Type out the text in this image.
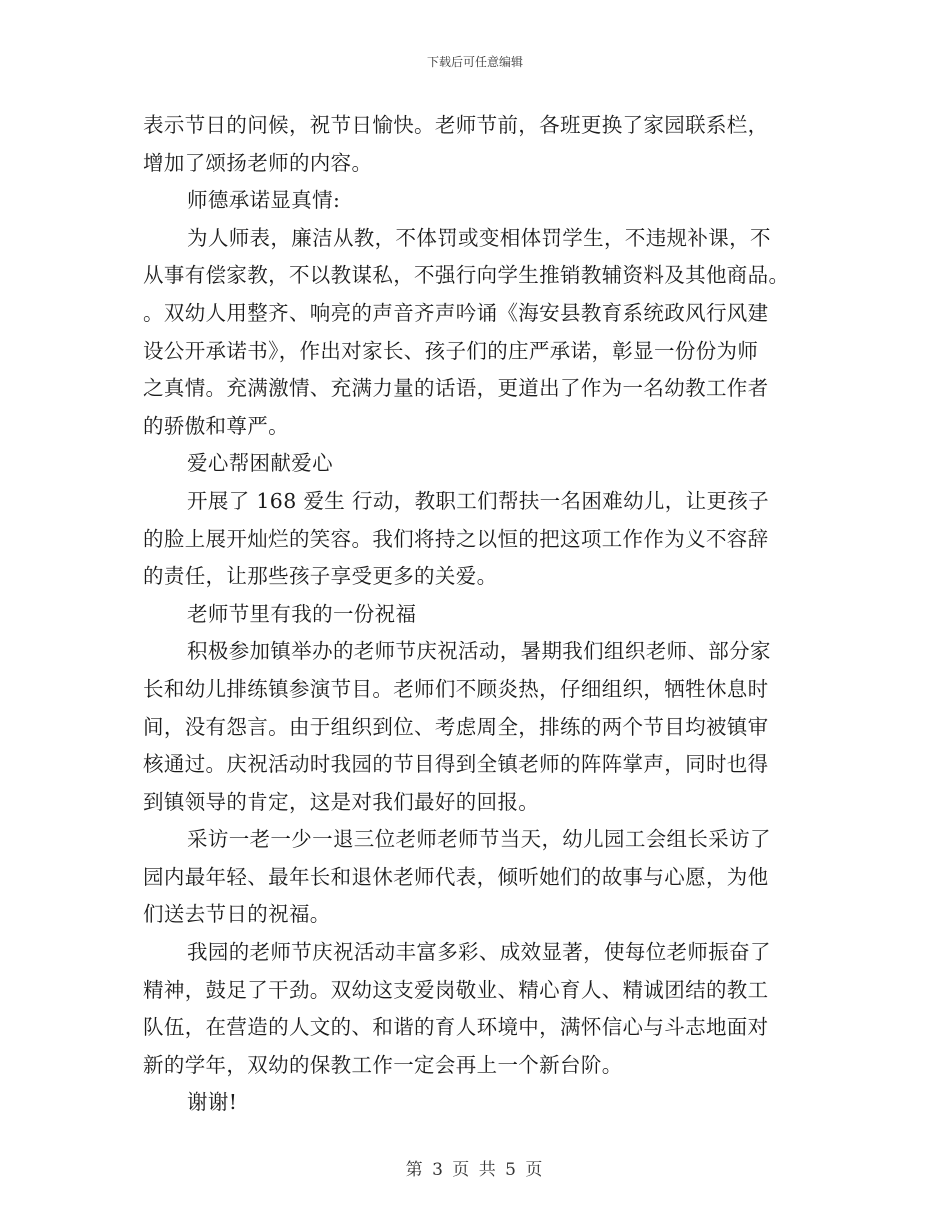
下载后可任意编辑
表示节日的问候，祝节日愉快。老师节前，各班更换了家园联系栏，
增加了颂扬老师的内容。
师德承诺显真情:
为人师表，廉洁从教，不体罚或变相体罚学生，不违规补课，不
从事有偿家教，不以教谋私，不强行向学生推销教辅资料及其他商品。
。双幼人用整齐、响亮的声音齐声吟诵《海安县教育系统政风行风建
设公开承诺书》，作出对家长、孩子们的庄严承诺，彰显一份份为师
之真情。充满激情、充满力量的话语，更道出了作为一名幼教工作者
的骄傲和尊严。
爱心帮困献爱心
开展了 168 爱生 行动，教职工们帮扶一名困难幼儿，让更孩子
的脸上展开灿烂的笑容。我们将持之以恒的把这项工作作为义不容辞
的责任，让那些孩子享受更多的关爱。
老师节里有我的一份祝福
积极参加镇举办的老师节庆祝活动，暑期我们组织老师、部分家
长和幼儿排练镇参演节目。老师们不顾炎热，仔细组织，牺牲休息时
间，没有怨言。由于组织到位、考虑周全，排练的两个节目均被镇审
核通过。庆祝活动时我园的节目得到全镇老师的阵阵掌声，同时也得
到镇领导的肯定，这是对我们最好的回报。
采访一老一少一退三位老师老师节当天，幼儿园工会组长采访了
园内最年轻、最年长和退休老师代表，倾听她们的故事与心愿，为他
们送去节日的祝福。
我园的老师节庆祝活动丰富多彩、成效显著，使每位老师振奋了
精神，鼓足了干劲。双幼这支爱岗敬业、精心育人、精诚团结的教工
队伍，在营造的人文的、和谐的育人环境中，满怀信心与斗志地面对
新的学年，双幼的保教工作一定会再上一个新台阶。
谢谢!
第 3 页 共 5 页
